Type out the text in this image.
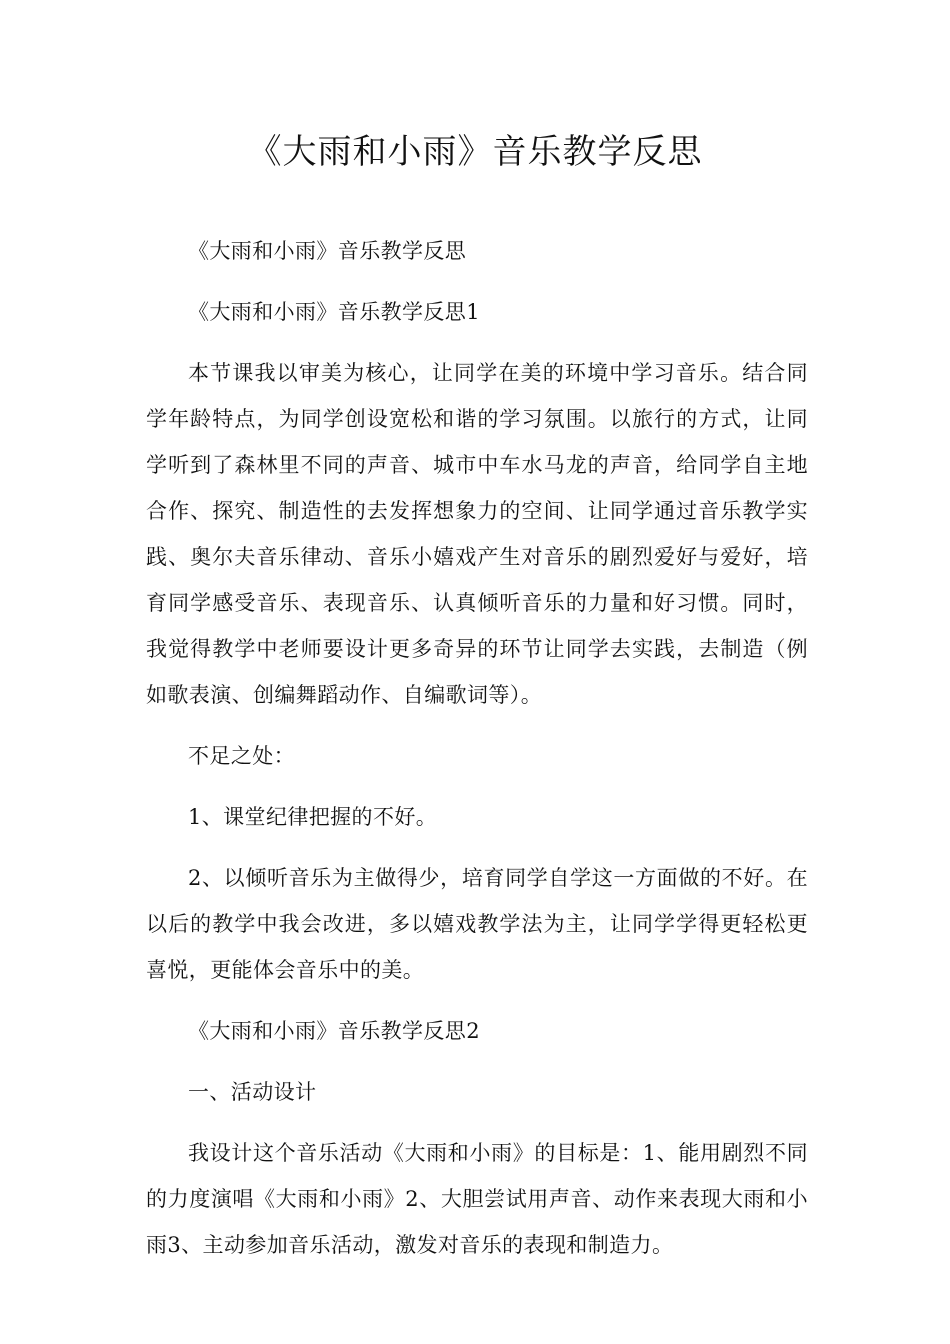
《大雨和小雨》音乐教学反思

《大雨和小雨》音乐教学反思

《大雨和小雨》音乐教学反思1

本节课我以审美为核心，让同学在美的环境中学习音乐。结合同学年龄特点，为同学创设宽松和谐的学习氛围。以旅行的方式，让同学听到了森林里不同的声音、城市中车水马龙的声音，给同学自主地合作、探究、制造性的去发挥想象力的空间、让同学通过音乐教学实践、奥尔夫音乐律动、音乐小嬉戏产生对音乐的剧烈爱好与爱好，培育同学感受音乐、表现音乐、认真倾听音乐的力量和好习惯。同时，我觉得教学中老师要设计更多奇异的环节让同学去实践，去制造（例如歌表演、创编舞蹈动作、自编歌词等）。

不足之处：

1、课堂纪律把握的不好。

2、以倾听音乐为主做得少，培育同学自学这一方面做的不好。在以后的教学中我会改进，多以嬉戏教学法为主，让同学学得更轻松更喜悦，更能体会音乐中的美。

《大雨和小雨》音乐教学反思2

一、活动设计

我设计这个音乐活动《大雨和小雨》的目标是：1、能用剧烈不同的力度演唱《大雨和小雨》2、大胆尝试用声音、动作来表现大雨和小雨3、主动参加音乐活动，激发对音乐的表现和制造力。
